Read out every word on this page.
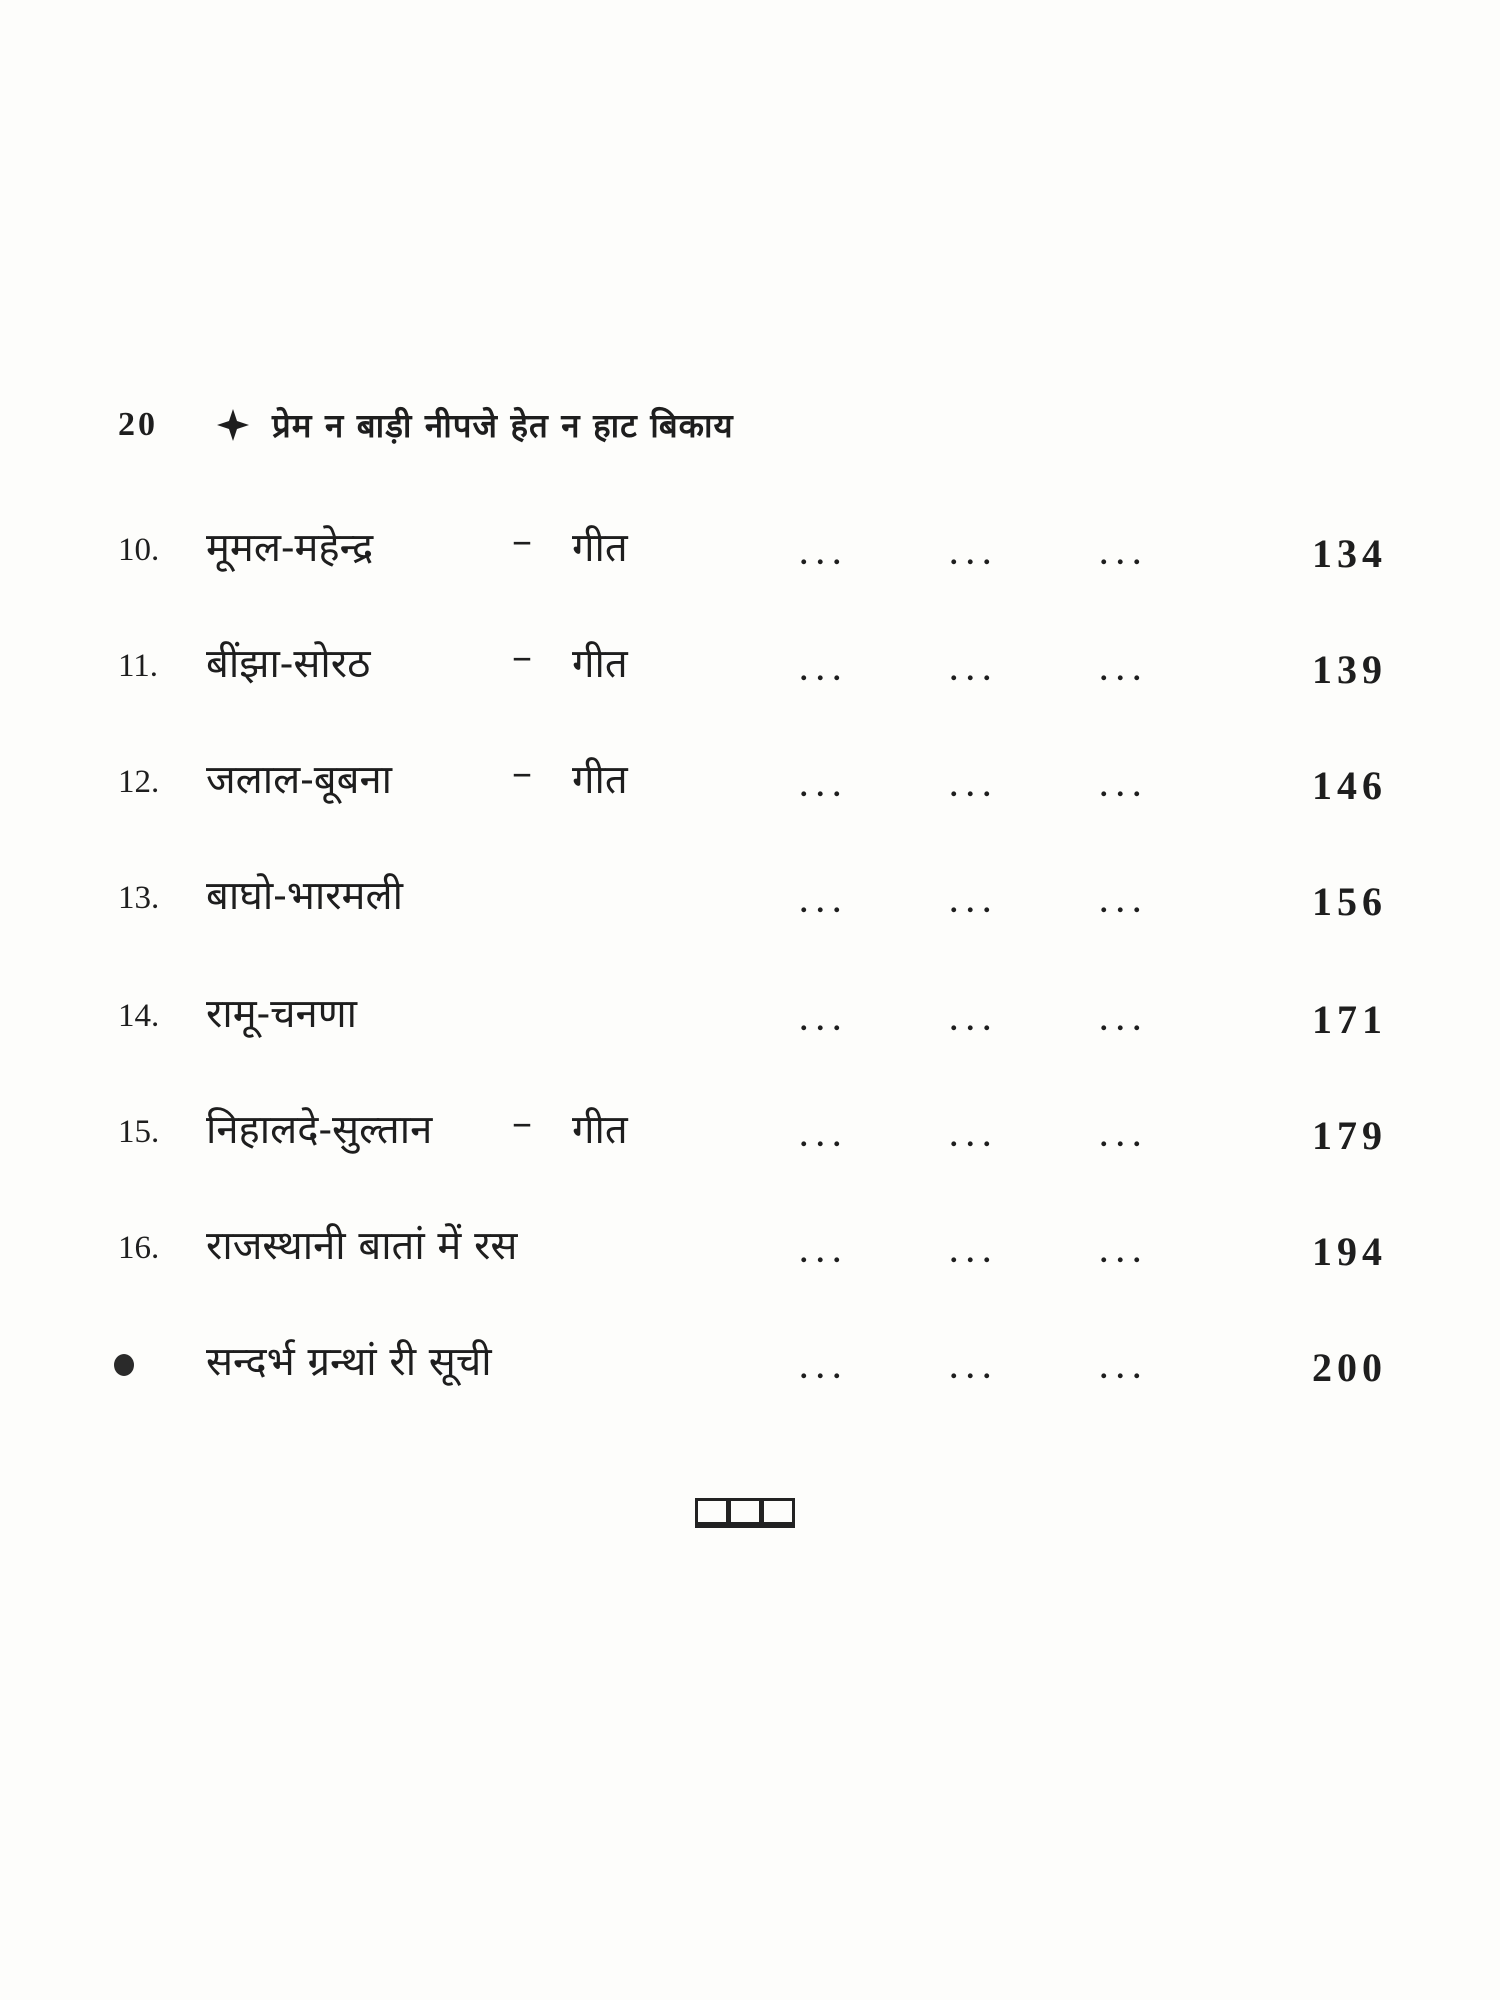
20	प्रेम न बाड़ी नीपजे हेत न हाट बिकाय
10. मूमल-महेन्द्र	– गीत	...	...	...	134
11. बींझा-सोरठ	– गीत	...	...	...	139
12. जलाल-बूबना	– गीत	...	...	...	146
13. बाघो-भारमली	...	...	...	156
14. रामू-चनणा	...	...	...	171
15. निहालदे-सुल्तान – गीत	...	...	...	179
16. राजस्थानी बातां में रस	...	...	...	194
सन्दर्भ ग्रन्थां री सूची	...	...	...	200
